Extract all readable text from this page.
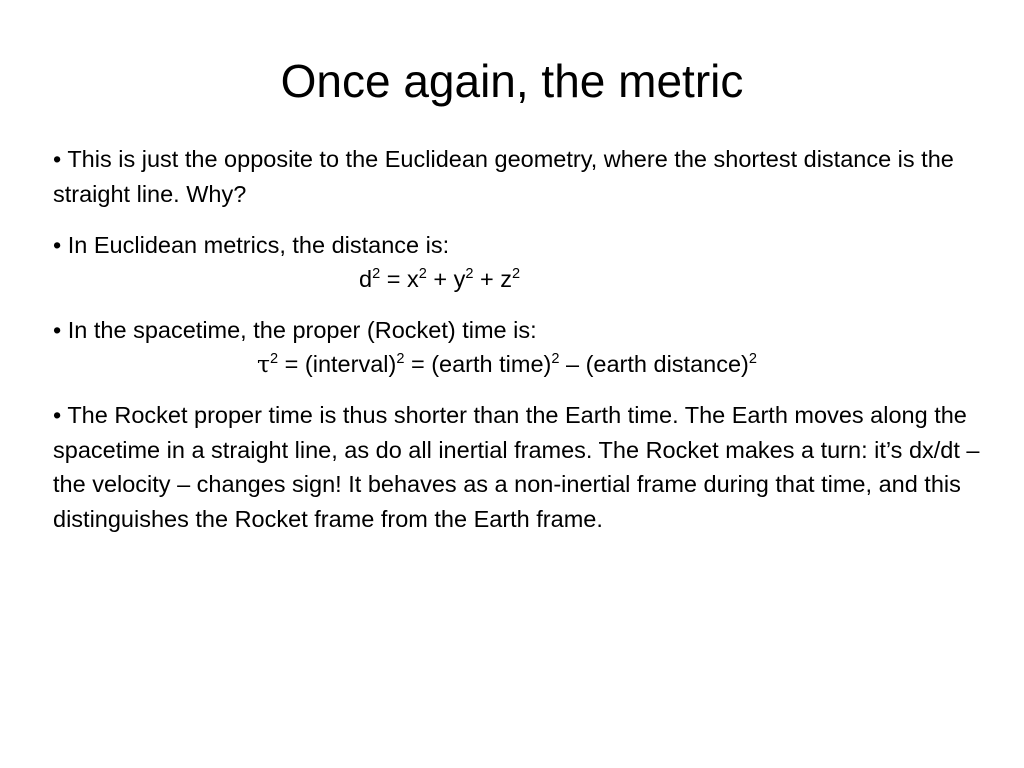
Once again, the metric

• This is just the opposite to the Euclidean geometry, where the shortest distance is the straight line. Why?

• In Euclidean metrics, the distance is:

$d^2 = x^2 + y^2 + z^2$

• In the spacetime, the proper (Rocket) time is:

$\tau^2$ = (interval)$^2$ = (earth time)$^2$ – (earth distance)$^2$

• The Rocket proper time is thus shorter than the Earth time. The Earth moves along the spacetime in a straight line, as do all inertial frames. The Rocket makes a turn: it’s dx/dt – the velocity – changes sign! It behaves as a non-inertial frame during that time, and this distinguishes the Rocket frame from the Earth frame.
